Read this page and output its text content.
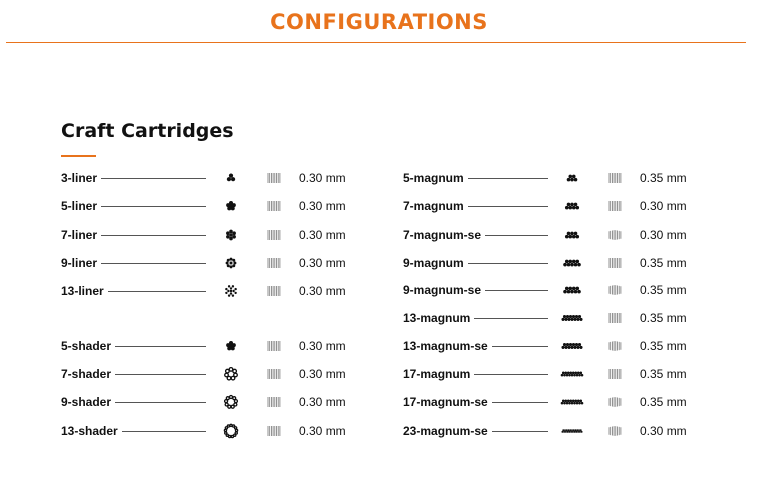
CONFIGURATIONS
Craft Cartridges
3-liner	0.30 mm
5-liner	0.30 mm
7-liner	0.30 mm
9-liner	0.30 mm
13-liner	0.30 mm
5-shader	0.30 mm
7-shader	0.30 mm
9-shader	0.30 mm
13-shader	0.30 mm
5-magnum	0.35 mm
7-magnum	0.30 mm
7-magnum-se	0.30 mm
9-magnum	0.35 mm
9-magnum-se	0.35 mm
13-magnum	0.35 mm
13-magnum-se	0.35 mm
17-magnum	0.35 mm
17-magnum-se	0.35 mm
23-magnum-se	0.30 mm
